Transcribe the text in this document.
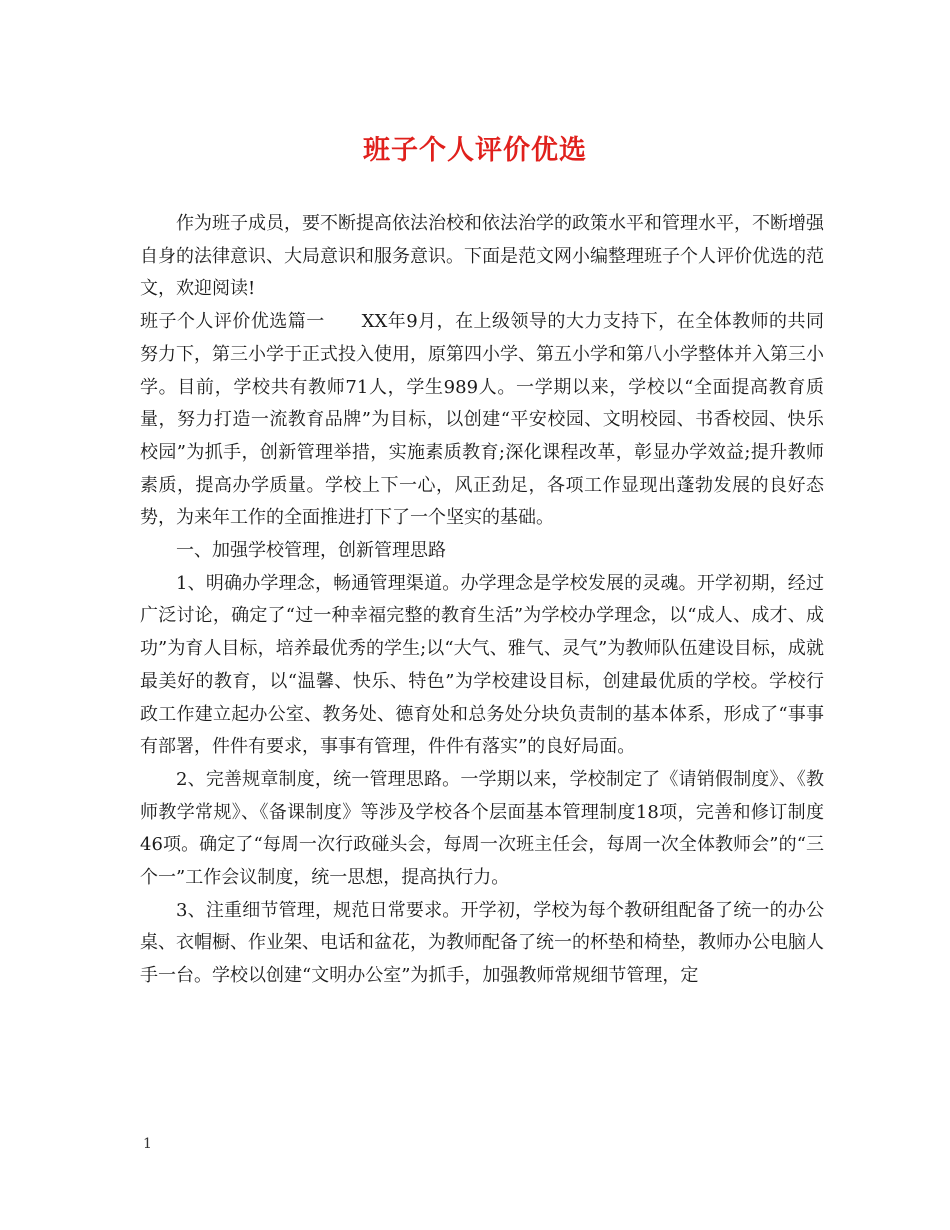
班子个人评价优选

作为班子成员，要不断提高依法治校和依法治学的政策水平和管理水平，不断增强自身的法律意识、大局意识和服务意识。下面是范文网小编整理班子个人评价优选的范文，欢迎阅读!

班子个人评价优选篇一　　XX年9月，在上级领导的大力支持下，在全体教师的共同努力下，第三小学于正式投入使用，原第四小学、第五小学和第八小学整体并入第三小学。目前，学校共有教师71人，学生989人。一学期以来，学校以“全面提高教育质量，努力打造一流教育品牌”为目标，以创建“平安校园、文明校园、书香校园、快乐校园”为抓手，创新管理举措，实施素质教育;深化课程改革，彰显办学效益;提升教师素质，提高办学质量。学校上下一心，风正劲足，各项工作显现出蓬勃发展的良好态势，为来年工作的全面推进打下了一个坚实的基础。

一、加强学校管理，创新管理思路

1、明确办学理念，畅通管理渠道。办学理念是学校发展的灵魂。开学初期，经过广泛讨论，确定了“过一种幸福完整的教育生活”为学校办学理念，以“成人、成才、成功”为育人目标，培养最优秀的学生;以“大气、雅气、灵气”为教师队伍建设目标，成就最美好的教育，以“温馨、快乐、特色”为学校建设目标，创建最优质的学校。学校行政工作建立起办公室、教务处、德育处和总务处分块负责制的基本体系，形成了“事事有部署，件件有要求，事事有管理，件件有落实”的良好局面。

2、完善规章制度，统一管理思路。一学期以来，学校制定了《请销假制度》、《教师教学常规》、《备课制度》等涉及学校各个层面基本管理制度18项，完善和修订制度46项。确定了“每周一次行政碰头会，每周一次班主任会，每周一次全体教师会”的“三个一”工作会议制度，统一思想，提高执行力。

3、注重细节管理，规范日常要求。开学初，学校为每个教研组配备了统一的办公桌、衣帽橱、作业架、电话和盆花，为教师配备了统一的杯垫和椅垫，教师办公电脑人手一台。学校以创建“文明办公室”为抓手，加强教师常规细节管理，定

1
